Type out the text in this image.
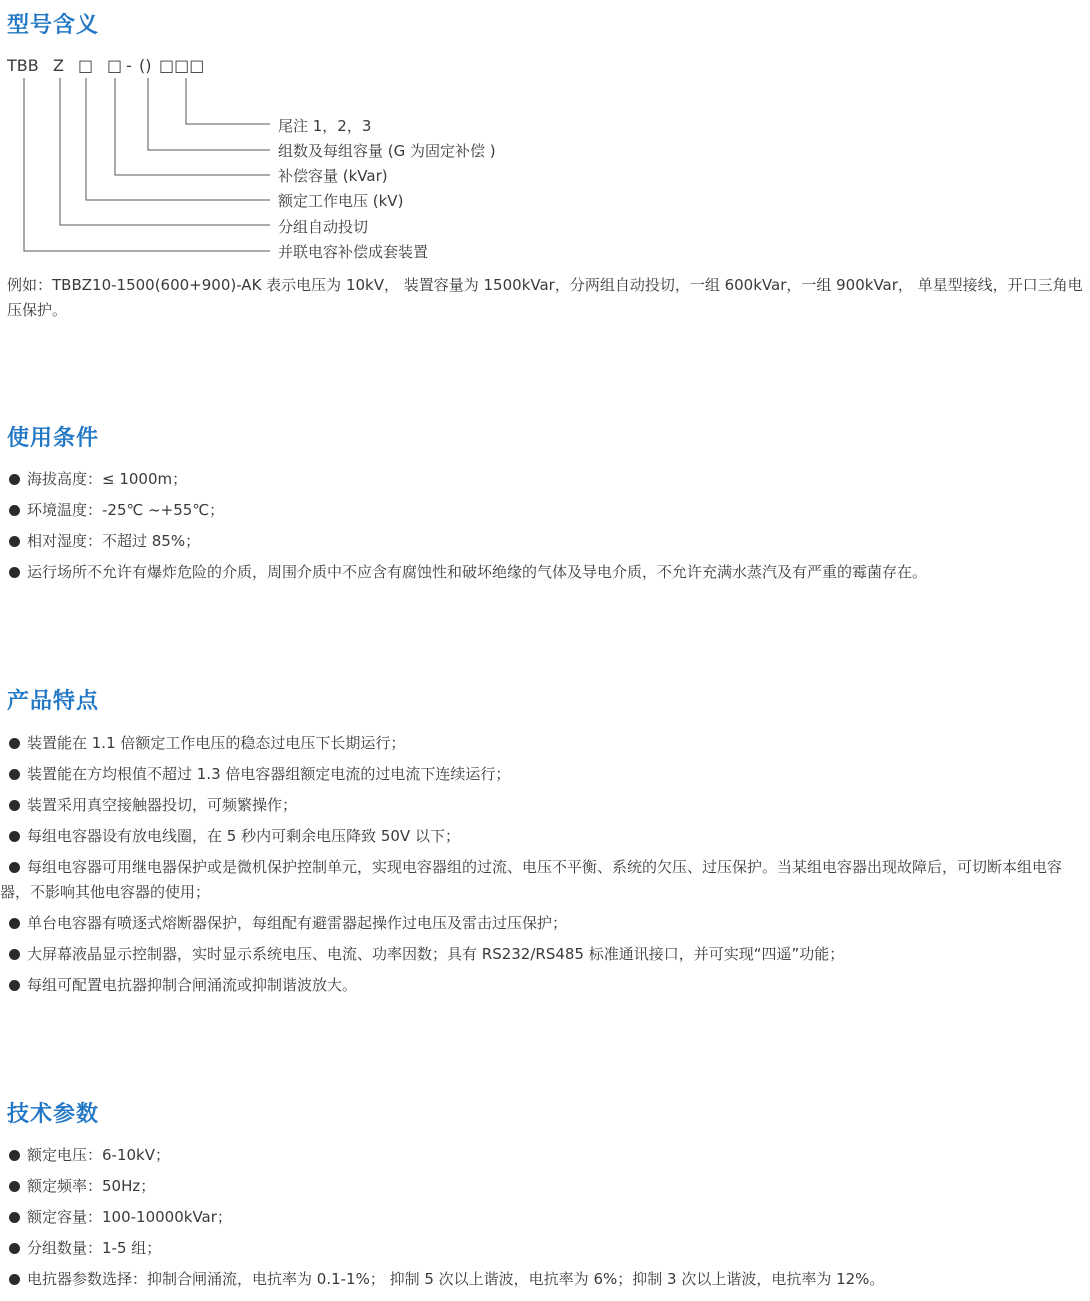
型号含义
TBB Z □ □ - () □□□
尾注 1，2，3
组数及每组容量 (G 为固定补偿 )
补偿容量 (kVar)
额定工作电压 (kV)
分组自动投切
并联电容补偿成套装置

例如：TBBZ10-1500(600+900)-AK 表示电压为 10kV， 装置容量为 1500kVar，分两组自动投切，一组 600kVar，一组 900kVar， 单星型接线，开口三角电压保护。

使用条件
海拔高度：≤ 1000m；
环境温度：-25℃ ~+55℃；
相对湿度：不超过 85%；
运行场所不允许有爆炸危险的介质，周围介质中不应含有腐蚀性和破坏绝缘的气体及导电介质，不允许充满水蒸汽及有严重的霉菌存在。
产品特点
装置能在 1.1 倍额定工作电压的稳态过电压下长期运行；
装置能在方均根值不超过 1.3 倍电容器组额定电流的过电流下连续运行；
装置采用真空接触器投切，可频繁操作；
每组电容器设有放电线圈，在 5 秒内可剩余电压降致 50V 以下；
每组电容器可用继电器保护或是微机保护控制单元，实现电容器组的过流、电压不平衡、系统的欠压、过压保护。当某组电容器出现故障后，可切断本组电容器，不影响其他电容器的使用；
单台电容器有喷逐式熔断器保护，每组配有避雷器起操作过电压及雷击过压保护；
大屏幕液晶显示控制器，实时显示系统电压、电流、功率因数；具有 RS232/RS485 标准通讯接口，并可实现“四遥”功能；
每组可配置电抗器抑制合闸涌流或抑制谐波放大。
技术参数
额定电压：6-10kV；
额定频率：50Hz；
额定容量：100-10000kVar；
分组数量：1-5 组；
电抗器参数选择：抑制合闸涌流，电抗率为 0.1-1%； 抑制 5 次以上谐波，电抗率为 6%；抑制 3 次以上谐波，电抗率为 12%。
